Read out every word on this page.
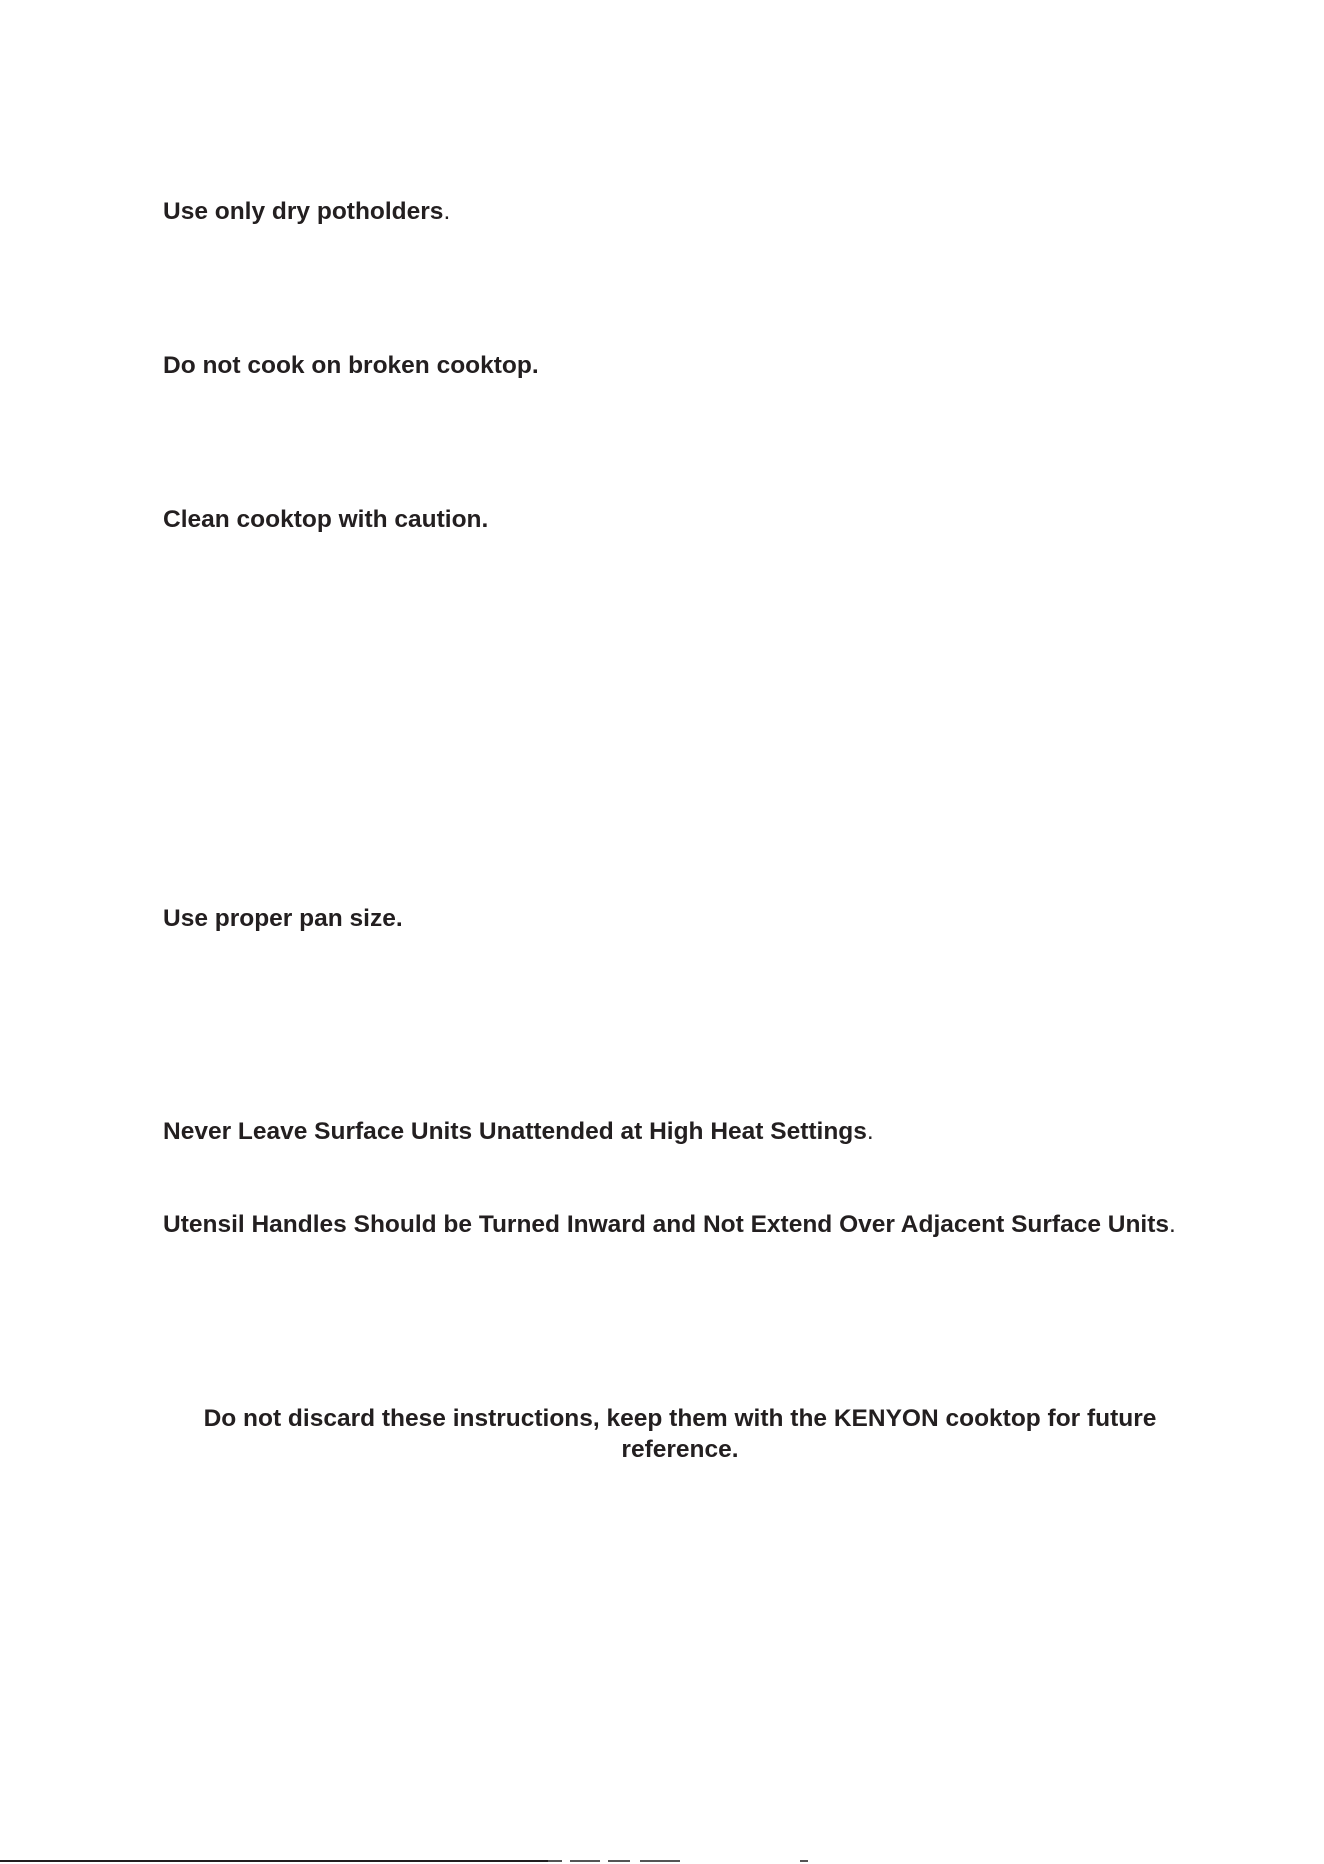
Use only dry potholders.

Do not cook on broken cooktop.

Clean cooktop with caution.

Use proper pan size.

Never Leave Surface Units Unattended at High Heat Settings.

Utensil Handles Should be Turned Inward and Not Extend Over Adjacent Surface Units.

Do not discard these instructions, keep them with the KENYON cooktop for future reference.
